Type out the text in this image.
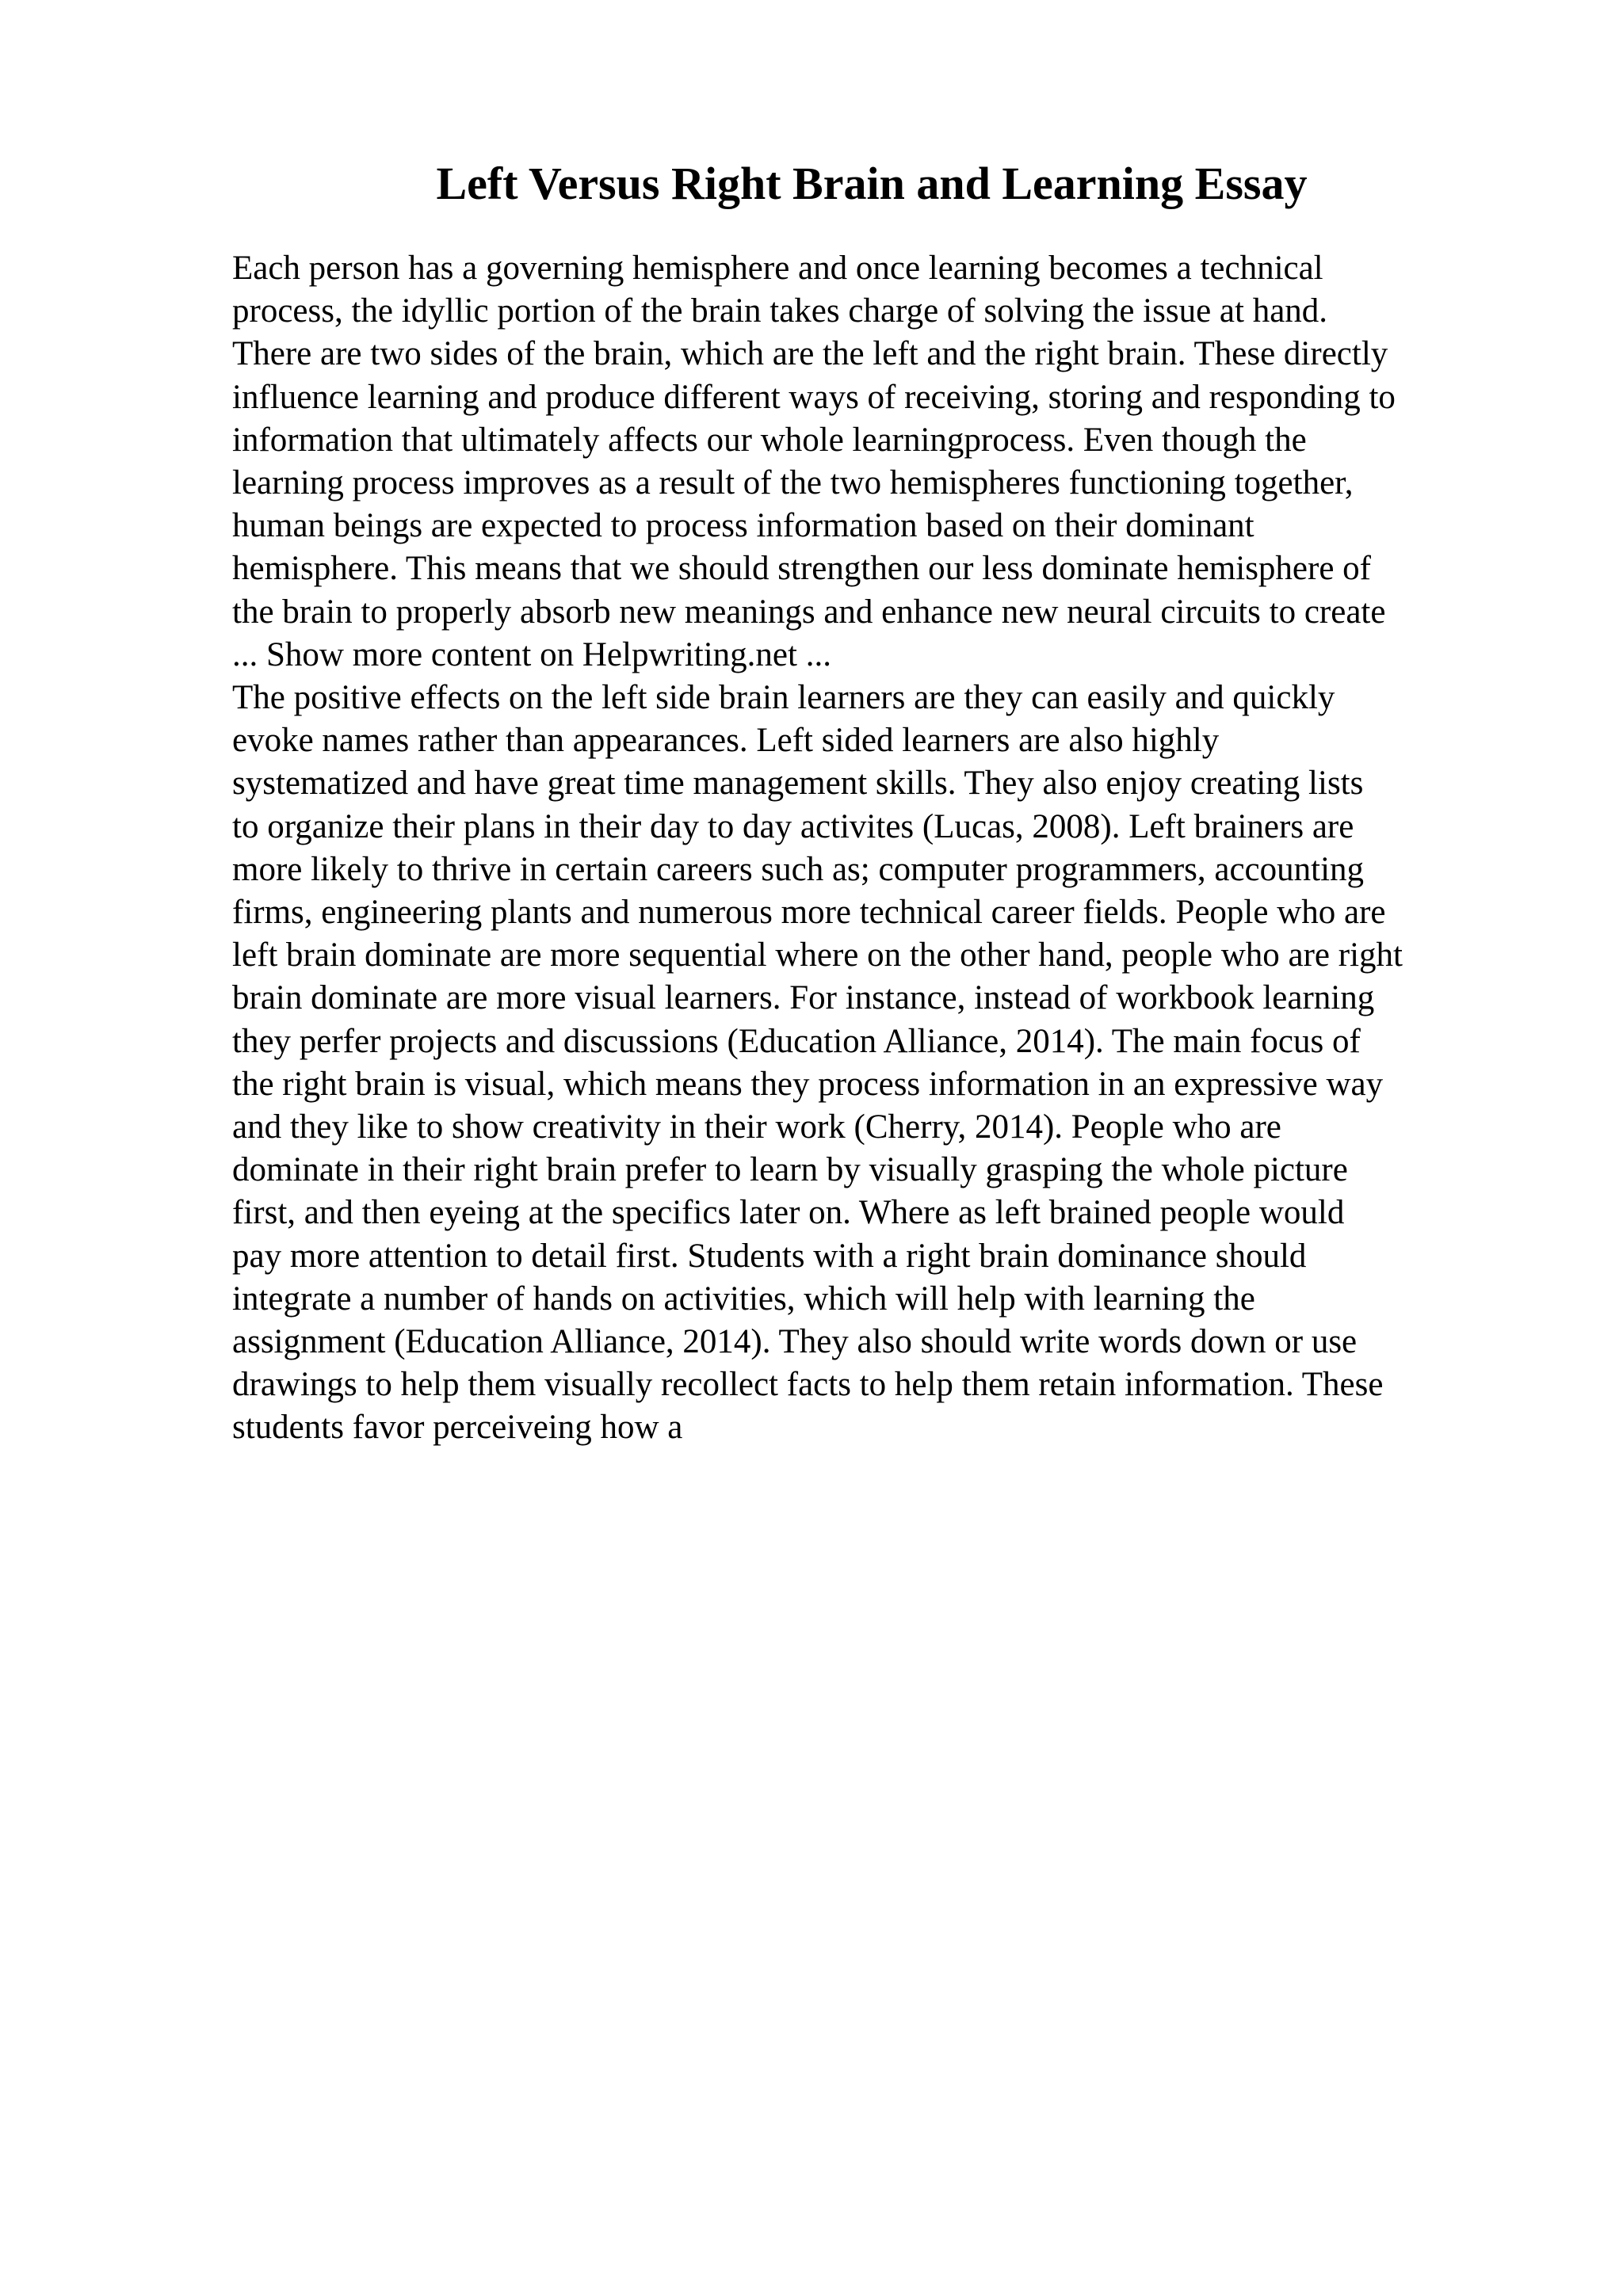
Left Versus Right Brain and Learning Essay
Each person has a governing hemisphere and once learning becomes a technical
process, the idyllic portion of the brain takes charge of solving the issue at hand.
There are two sides of the brain, which are the left and the right brain. These directly
influence learning and produce different ways of receiving, storing and responding to
information that ultimately affects our whole learningprocess. Even though the
learning process improves as a result of the two hemispheres functioning together,
human beings are expected to process information based on their dominant
hemisphere. This means that we should strengthen our less dominate hemisphere of
the brain to properly absorb new meanings and enhance new neural circuits to create
... Show more content on Helpwriting.net ...
The positive effects on the left side brain learners are they can easily and quickly
evoke names rather than appearances. Left sided learners are also highly
systematized and have great time management skills. They also enjoy creating lists
to organize their plans in their day to day activites (Lucas, 2008). Left brainers are
more likely to thrive in certain careers such as; computer programmers, accounting
firms, engineering plants and numerous more technical career fields. People who are
left brain dominate are more sequential where on the other hand, people who are right
brain dominate are more visual learners. For instance, instead of workbook learning
they perfer projects and discussions (Education Alliance, 2014). The main focus of
the right brain is visual, which means they process information in an expressive way
and they like to show creativity in their work (Cherry, 2014). People who are
dominate in their right brain prefer to learn by visually grasping the whole picture
first, and then eyeing at the specifics later on. Where as left brained people would
pay more attention to detail first. Students with a right brain dominance should
integrate a number of hands on activities, which will help with learning the
assignment (Education Alliance, 2014). They also should write words down or use
drawings to help them visually recollect facts to help them retain information. These
students favor perceiveing how a
